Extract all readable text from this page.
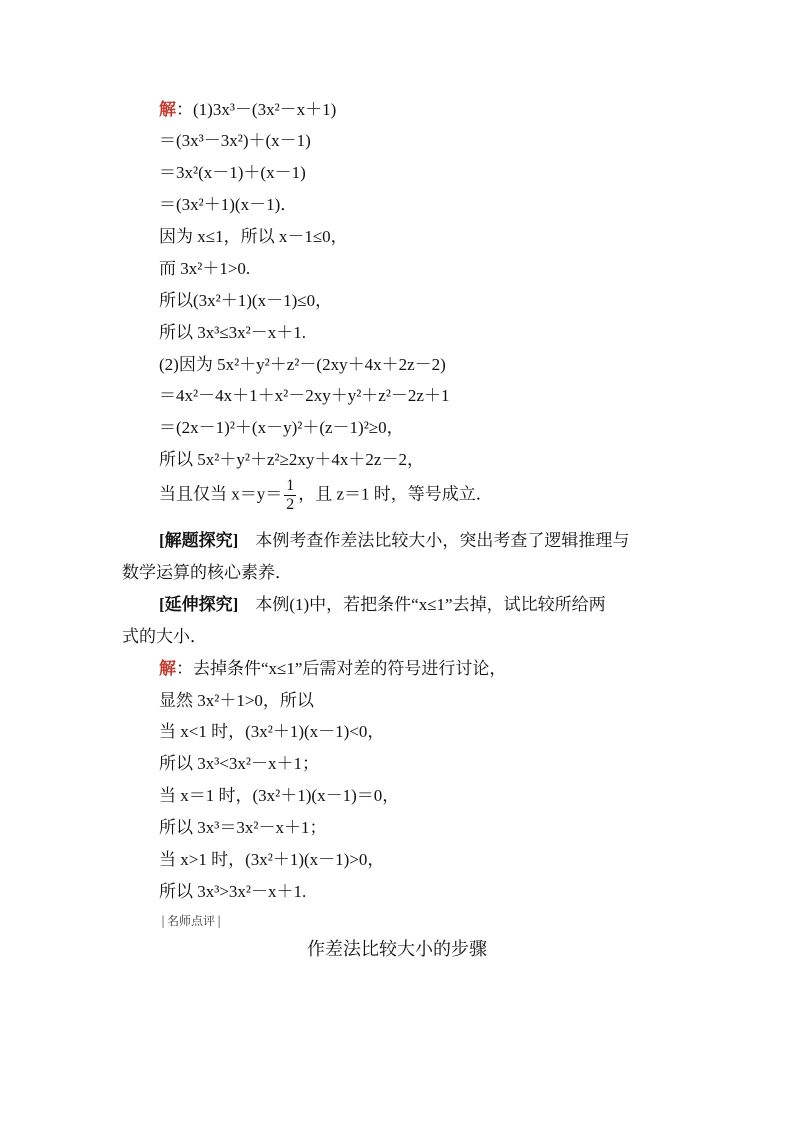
解：(1)3x³－(3x²－x＋1)
＝(3x³－3x²)＋(x－1)
＝3x²(x－1)＋(x－1)
＝(3x²＋1)(x－1)．
因为 x≤1，所以 x－1≤0，
而 3x²＋1>0.
所以(3x²＋1)(x－1)≤0，
所以 3x³≤3x²－x＋1.
(2)因为 5x²＋y²＋z²－(2xy＋4x＋2z－2)
＝4x²－4x＋1＋x²－2xy＋y²＋z²－2z＋1
＝(2x－1)²＋(x－y)²＋(z－1)²≥0，
所以 5x²＋y²＋z²≥2xy＋4x＋2z－2，
当且仅当 $x=y= \frac{1}{2}$ ，且 z＝1 时，等号成立．
[解题探究]　本例考查作差法比较大小，突出考查了逻辑推理与
数学运算的核心素养．
[延伸探究]　本例(1)中，若把条件“x≤1”去掉，试比较所给两
式的大小．
解：去掉条件“x≤1”后需对差的符号进行讨论，
显然 3x²＋1>0，所以
当 x<1 时，(3x²＋1)(x－1)<0，
所以 3x³<3x²－x＋1；
当 x＝1 时，(3x²＋1)(x－1)＝0，
所以 3x³＝3x²－x＋1；
当 x>1 时，(3x²＋1)(x－1)>0，
所以 3x³>3x²－x＋1.
| 名师点评 |
作差法比较大小的步骤
